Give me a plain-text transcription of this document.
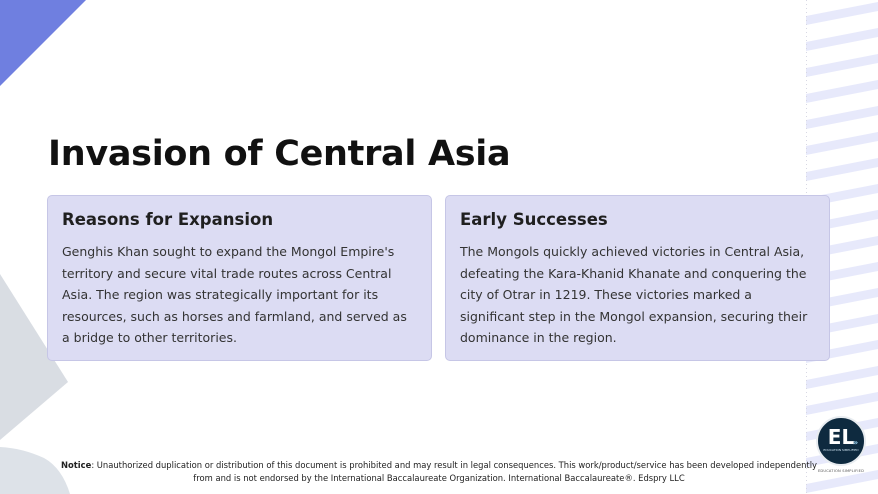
Invasion of Central Asia
Reasons for Expansion

Genghis Khan sought to expand the Mongol Empire's territory and secure vital trade routes across Central Asia. The region was strategically important for its resources, such as horses and farmland, and served as a bridge to other territories.

Early Successes

The Mongols quickly achieved victories in Central Asia, defeating the Kara-Khanid Khanate and conquering the city of Otrar in 1219. These victories marked a significant step in the Mongol expansion, securing their dominance in the region.

EL
»
EDUCATION SIMPLIFIED
EDUCATION SIMPLIFIED
Notice: Unauthorized duplication or distribution of this document is prohibited and may result in legal consequences. This work/product/service has been developed independently from and is not endorsed by the International Baccalaureate Organization. International Baccalaureate®. Edspry LLC
